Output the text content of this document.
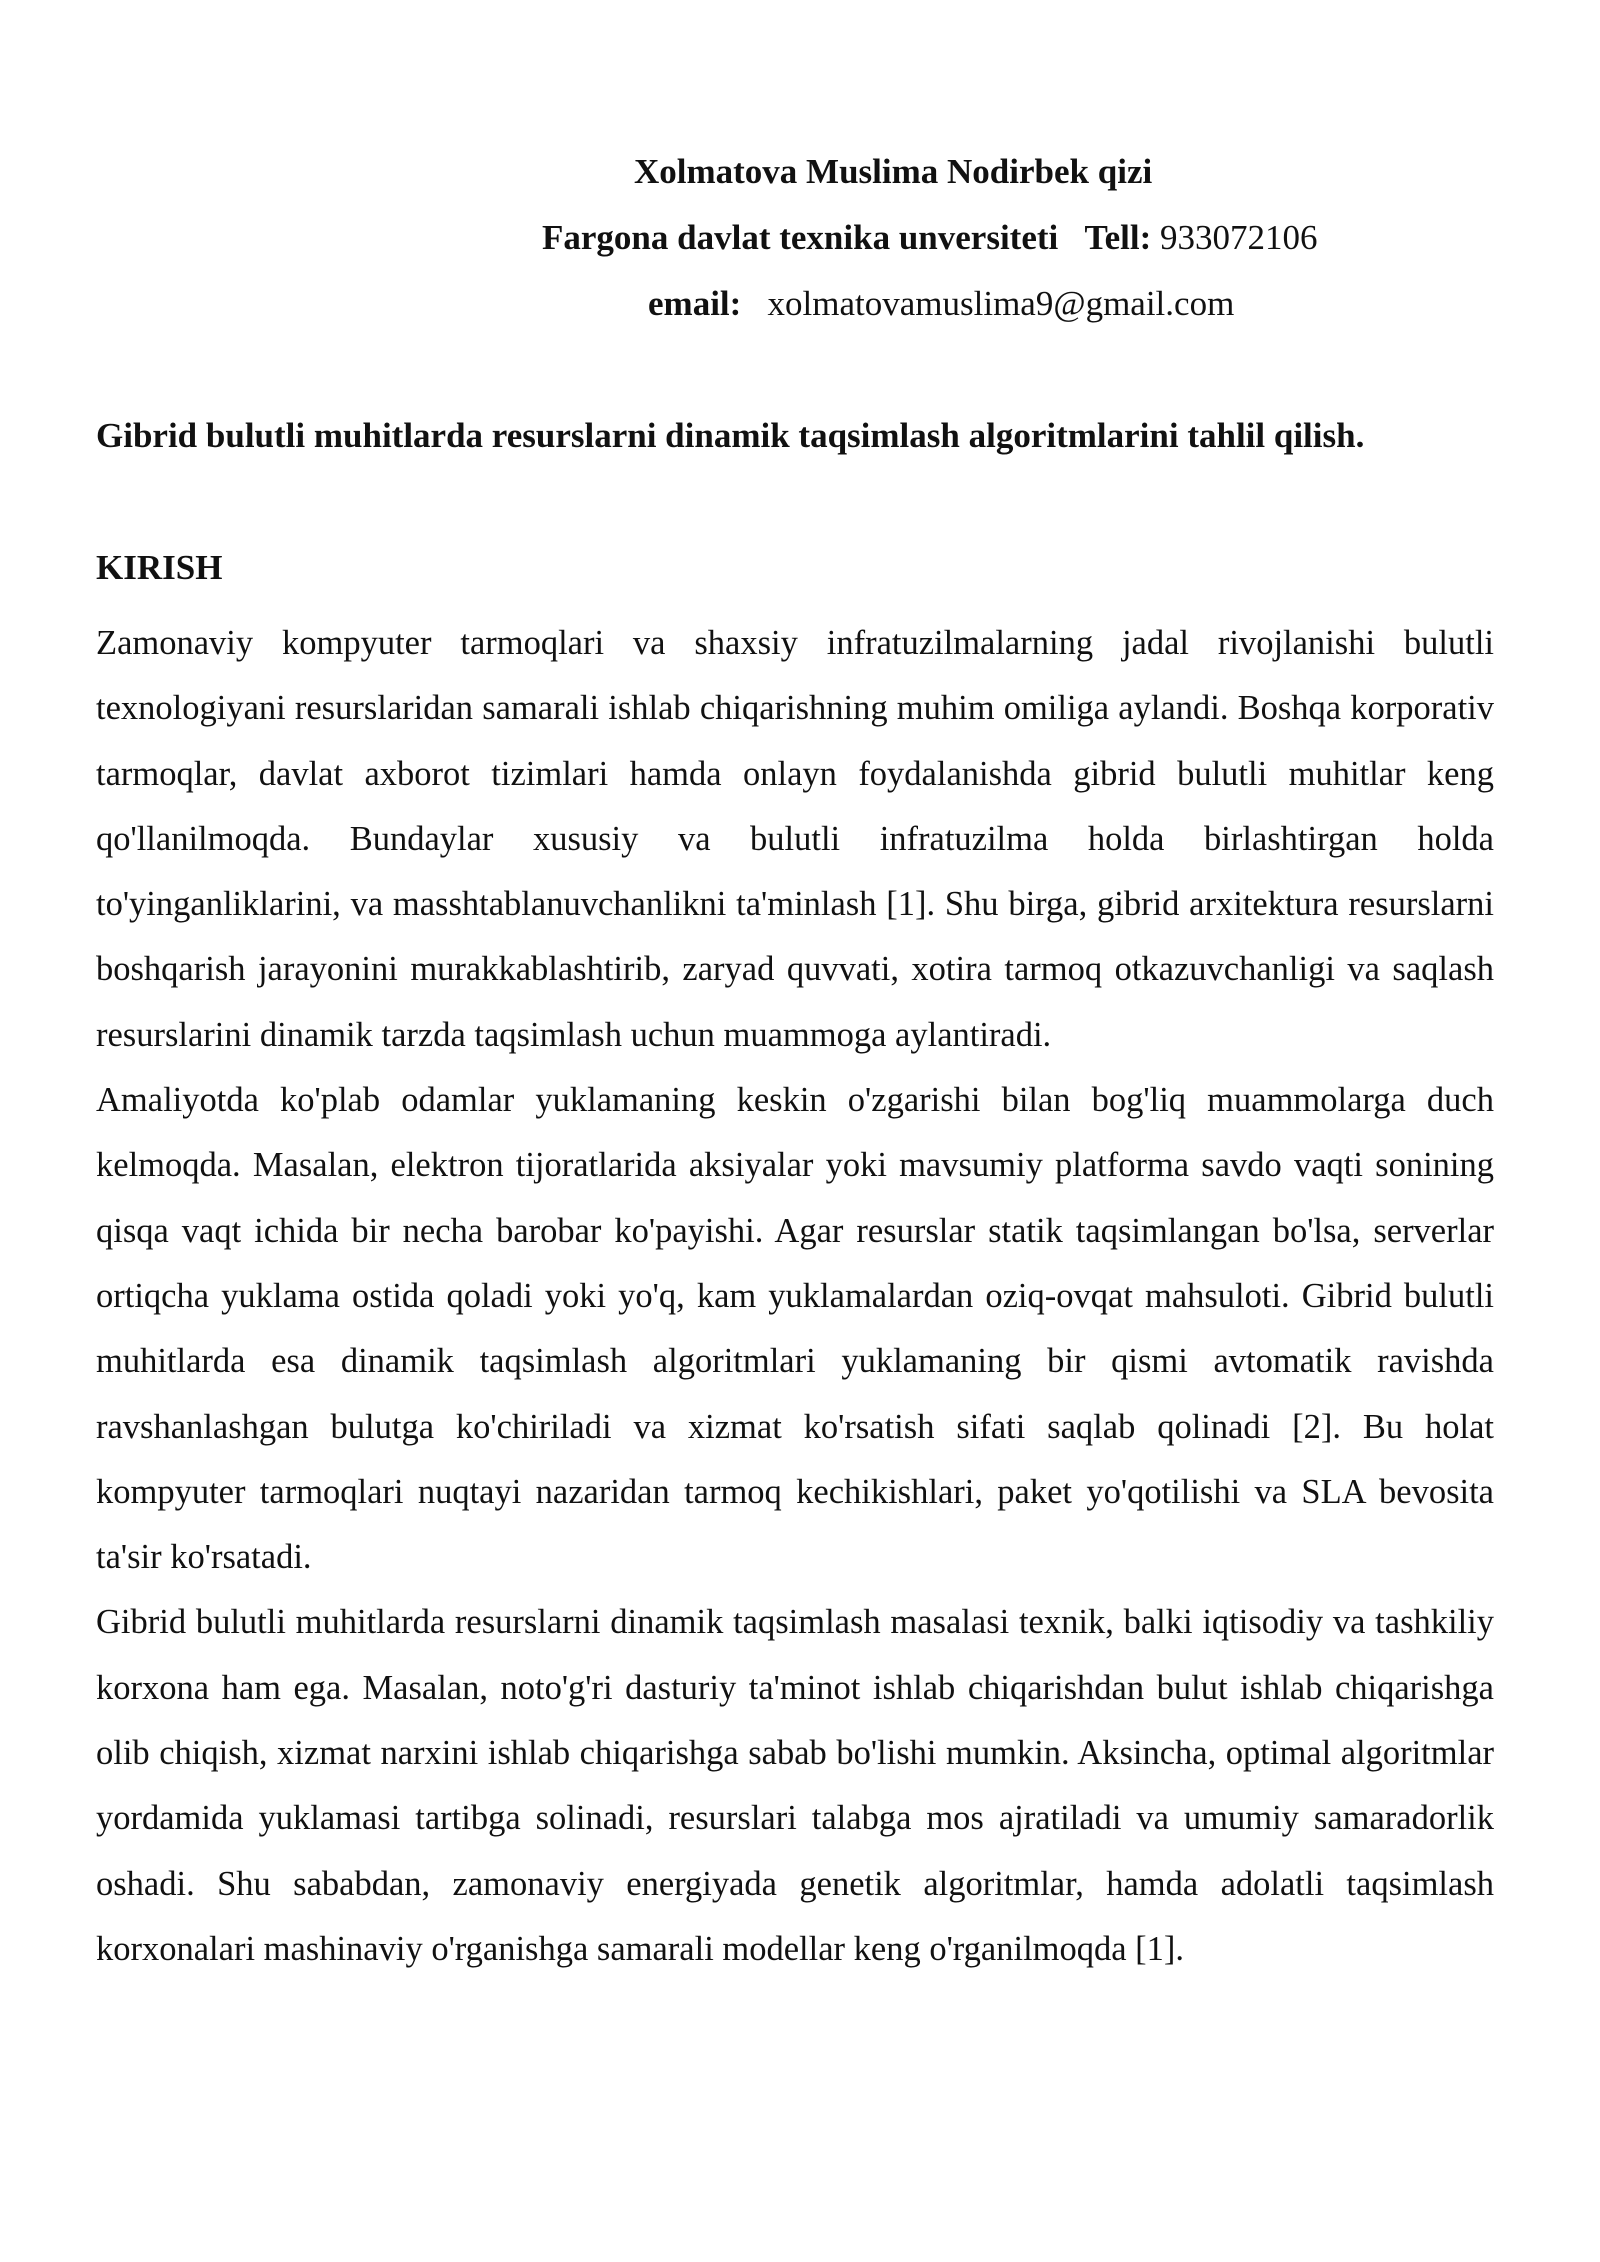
Xolmatova Muslima Nodirbek qizi
Fargona davlat texnika unversiteti Tell: 933072106
email: xolmatovamuslima9@gmail.com
Gibrid bulutli muhitlarda resurslarni dinamik taqsimlash algoritmlarini tahlil qilish.
KIRISH

Zamonaviy kompyuter tarmoqlari va shaxsiy infratuzilmalarning jadal rivojlanishi bulutli texnologiyani resurslaridan samarali ishlab chiqarishning muhim omiliga aylandi. Boshqa korporativ tarmoqlar, davlat axborot tizimlari hamda onlayn foydalanishda gibrid bulutli muhitlar keng qo'llanilmoqda. Bundaylar xususiy va bulutli infratuzilma holda birlashtirgan holda to'yinganliklarini, va masshtablanuvchanlikni ta'minlash [1]. Shu birga, gibrid arxitektura resurslarni boshqarish jarayonini murakkablashtirib, zaryad quvvati, xotira tarmoq otkazuvchanligi va saqlash resurslarini dinamik tarzda taqsimlash uchun muammoga aylantiradi.

Amaliyotda ko'plab odamlar yuklamaning keskin o'zgarishi bilan bog'liq muammolarga duch kelmoqda. Masalan, elektron tijoratlarida aksiyalar yoki mavsumiy platforma savdo vaqti sonining qisqa vaqt ichida bir necha barobar ko'payishi. Agar resurslar statik taqsimlangan bo'lsa, serverlar ortiqcha yuklama ostida qoladi yoki yo'q, kam yuklamalardan oziq-ovqat mahsuloti. Gibrid bulutli muhitlarda esa dinamik taqsimlash algoritmlari yuklamaning bir qismi avtomatik ravishda ravshanlashgan bulutga ko'chiriladi va xizmat ko'rsatish sifati saqlab qolinadi [2]. Bu holat kompyuter tarmoqlari nuqtayi nazaridan tarmoq kechikishlari, paket yo'qotilishi va SLA bevosita ta'sir ko'rsatadi.

Gibrid bulutli muhitlarda resurslarni dinamik taqsimlash masalasi texnik, balki iqtisodiy va tashkiliy korxona ham ega. Masalan, noto'g'ri dasturiy ta'minot ishlab chiqarishdan bulut ishlab chiqarishga olib chiqish, xizmat narxini ishlab chiqarishga sabab bo'lishi mumkin. Aksincha, optimal algoritmlar yordamida yuklamasi tartibga solinadi, resurslari talabga mos ajratiladi va umumiy samaradorlik oshadi. Shu sababdan, zamonaviy energiyada genetik algoritmlar, hamda adolatli taqsimlash korxonalari mashinaviy o'rganishga samarali modellar keng o'rganilmoqda [1].
